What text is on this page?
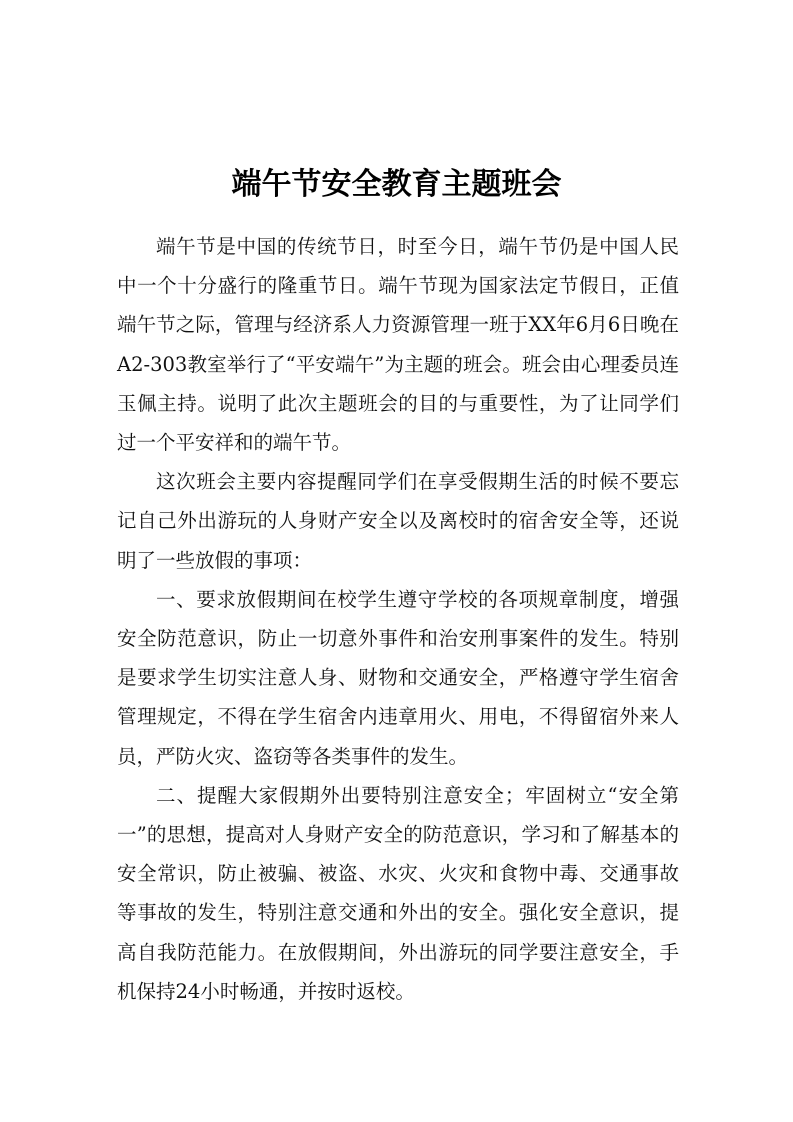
端午节安全教育主题班会

端午节是中国的传统节日，时至今日，端午节仍是中国人民中一个十分盛行的隆重节日。端午节现为国家法定节假日，正值端午节之际，管理与经济系人力资源管理一班于XX年6月6日晚在A2-303教室举行了“平安端午”为主题的班会。班会由心理委员连玉佩主持。说明了此次主题班会的目的与重要性，为了让同学们过一个平安祥和的端午节。

这次班会主要内容提醒同学们在享受假期生活的时候不要忘记自己外出游玩的人身财产安全以及离校时的宿舍安全等，还说明了一些放假的事项：

一、要求放假期间在校学生遵守学校的各项规章制度，增强安全防范意识，防止一切意外事件和治安刑事案件的发生。特别是要求学生切实注意人身、财物和交通安全，严格遵守学生宿舍管理规定，不得在学生宿舍内违章用火、用电，不得留宿外来人员，严防火灾、盗窃等各类事件的发生。

二、提醒大家假期外出要特别注意安全；牢固树立“安全第一”的思想，提高对人身财产安全的防范意识，学习和了解基本的安全常识，防止被骗、被盗、水灾、火灾和食物中毒、交通事故等事故的发生，特别注意交通和外出的安全。强化安全意识，提高自我防范能力。在放假期间，外出游玩的同学要注意安全，手机保持24小时畅通，并按时返校。
